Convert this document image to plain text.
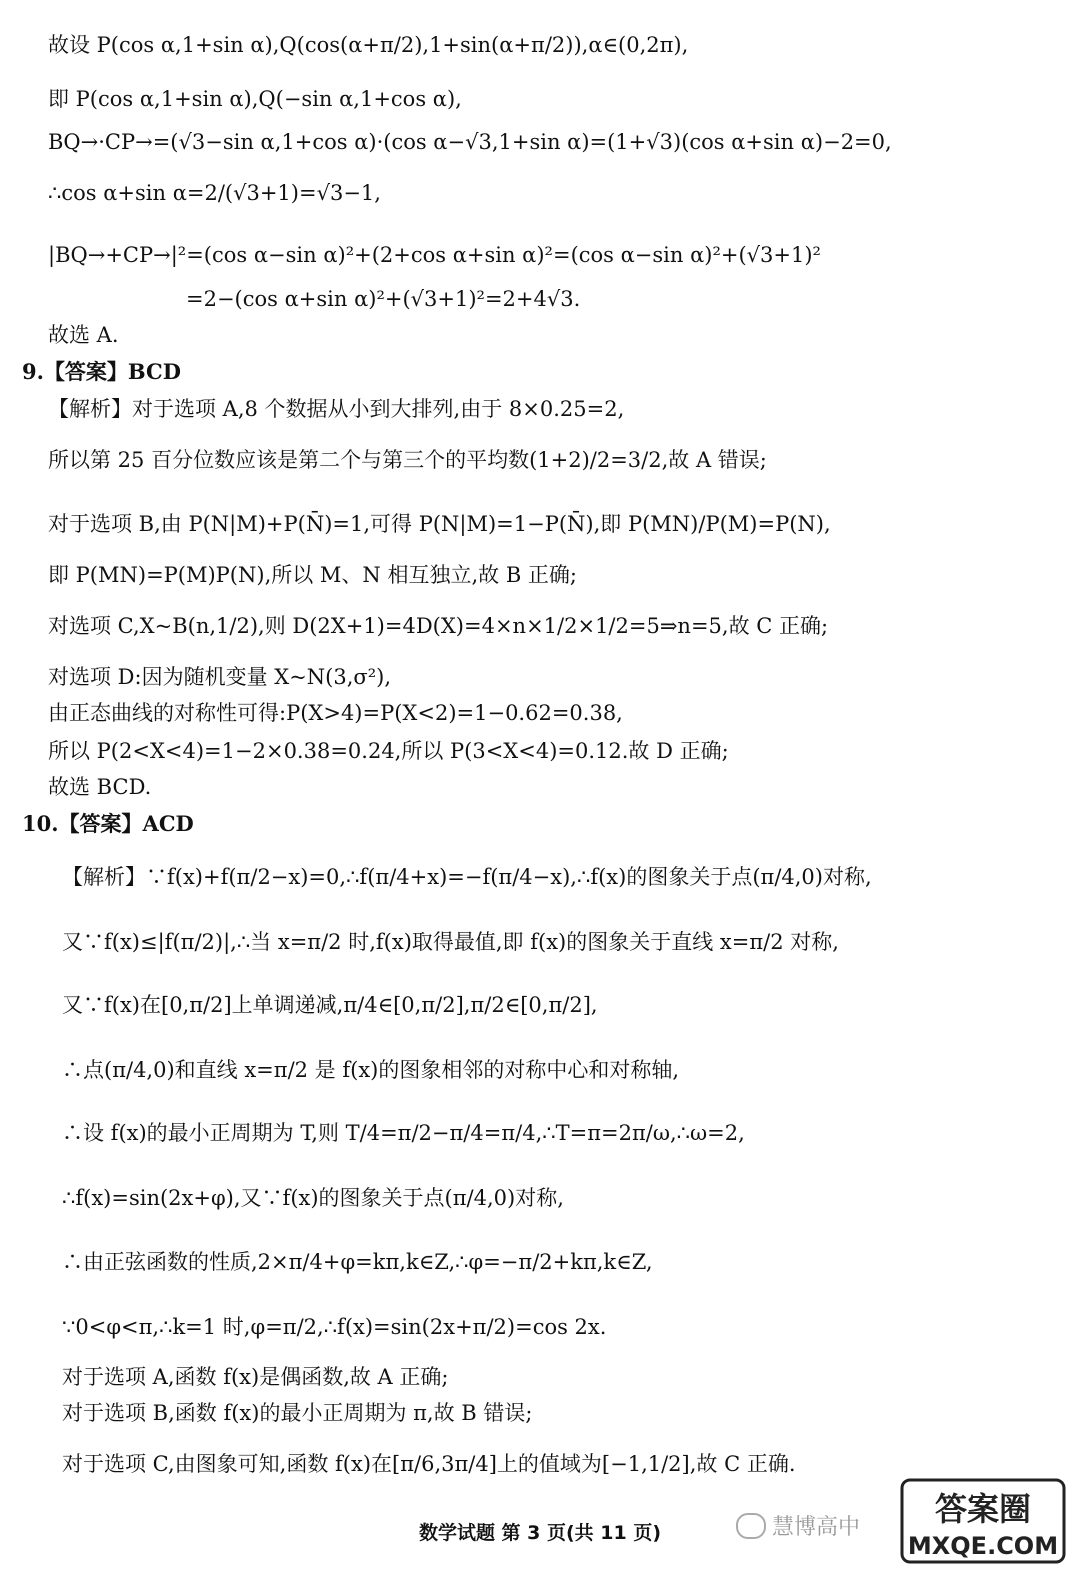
故设 P(cos α,1+sin α),Q(cos(α+π/2),1+sin(α+π/2)),α∈(0,2π),
即 P(cos α,1+sin α),Q(−sin α,1+cos α),
BQ→·CP→=(√3−sin α,1+cos α)·(cos α−√3,1+sin α)=(1+√3)(cos α+sin α)−2=0,
∴cos α+sin α=2/(√3+1)=√3−1,
|BQ→+CP→|²=(cos α−sin α)²+(2+cos α+sin α)²=(cos α−sin α)²+(√3+1)²
=2−(cos α+sin α)²+(√3+1)²=2+4√3.
故选 A.
9.【答案】BCD
【解析】对于选项 A,8 个数据从小到大排列,由于 8×0.25=2,
所以第 25 百分位数应该是第二个与第三个的平均数(1+2)/2=3/2,故 A 错误;
对于选项 B,由 P(N|M)+P(N̄)=1,可得 P(N|M)=1−P(N̄),即 P(MN)/P(M)=P(N),
即 P(MN)=P(M)P(N),所以 M、N 相互独立,故 B 正确;
对选项 C,X~B(n,1/2),则 D(2X+1)=4D(X)=4×n×1/2×1/2=5⇒n=5,故 C 正确;
对选项 D:因为随机变量 X~N(3,σ²),
由正态曲线的对称性可得:P(X>4)=P(X<2)=1−0.62=0.38,
所以 P(2<X<4)=1−2×0.38=0.24,所以 P(3<X<4)=0.12.故 D 正确;
故选 BCD.
10.【答案】ACD
【解析】∵f(x)+f(π/2−x)=0,∴f(π/4+x)=−f(π/4−x),∴f(x)的图象关于点(π/4,0)对称,
又∵f(x)≤|f(π/2)|,∴当 x=π/2 时,f(x)取得最值,即 f(x)的图象关于直线 x=π/2 对称,
又∵f(x)在[0,π/2]上单调递减,π/4∈[0,π/2],π/2∈[0,π/2],
∴点(π/4,0)和直线 x=π/2 是 f(x)的图象相邻的对称中心和对称轴,
∴设 f(x)的最小正周期为 T,则 T/4=π/2−π/4=π/4,∴T=π=2π/ω,∴ω=2,
∴f(x)=sin(2x+φ),又∵f(x)的图象关于点(π/4,0)对称,
∴由正弦函数的性质,2×π/4+φ=kπ,k∈Z,∴φ=−π/2+kπ,k∈Z,
∵0<φ<π,∴k=1 时,φ=π/2,∴f(x)=sin(2x+π/2)=cos 2x.
对于选项 A,函数 f(x)是偶函数,故 A 正确;
对于选项 B,函数 f(x)的最小正周期为 π,故 B 错误;
对于选项 C,由图象可知,函数 f(x)在[π/6,3π/4]上的值域为[−1,1/2],故 C 正确.
慧博高中
数学试题 第 3 页(共 11 页)
答案圈
MXQE.COM
